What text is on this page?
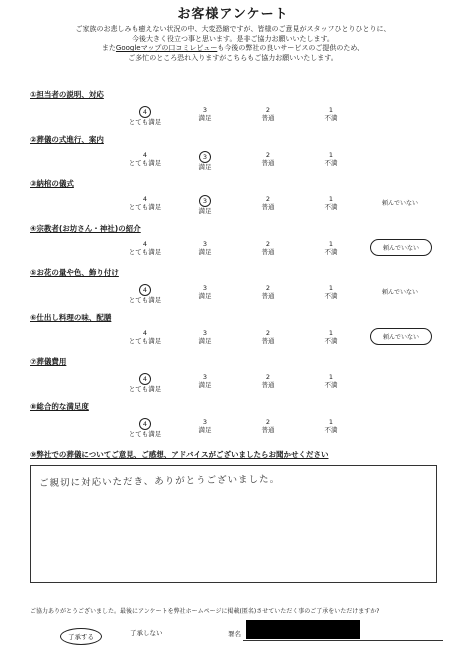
お客様アンケート
ご家族のお悲しみも癒えない状況の中、大変恐縮ですが、皆様のご意見がスタッフひとりひとりに、
今後大きく役立つ事と思います。是非ご協力お願いいたします。
またGoogleマップの口コミレビューも今後の弊社の良いサービスのご提供のため、
ご多忙のところ恐れ入りますがこちらもご協力お願いいたします。
①担当者の説明、対応
4
とても満足
3
満足
2
普通
1
不満
②葬儀の式進行、案内
4
とても満足
3
満足
2
普通
1
不満
③納棺の儀式
4
とても満足
3
満足
2
普通
1
不満	頼んでいない
④宗教者(お坊さん・神社)の紹介
4
とても満足
3
満足
2
普通
1
不満	頼んでいない
⑤お花の量や色、飾り付け
4
とても満足
3
満足
2
普通
1
不満	頼んでいない
⑥仕出し料理の味、配膳
4
とても満足
3
満足
2
普通
1
不満	頼んでいない
⑦葬儀費用
4
とても満足
3
満足
2
普通
1
不満
⑧総合的な満足度
4
とても満足
3
満足
2
普通
1
不満
⑨弊社での葬儀についてご意見、ご感想、アドバイスがございましたらお聞かせください
ご親切に対応いただき、ありがとうございました。
ご協力ありがとうございました。最後にアンケートを弊社ホームページに掲載(匿名)させていただく事のご了承をいただけますか?
了承する	了承しない	署名
